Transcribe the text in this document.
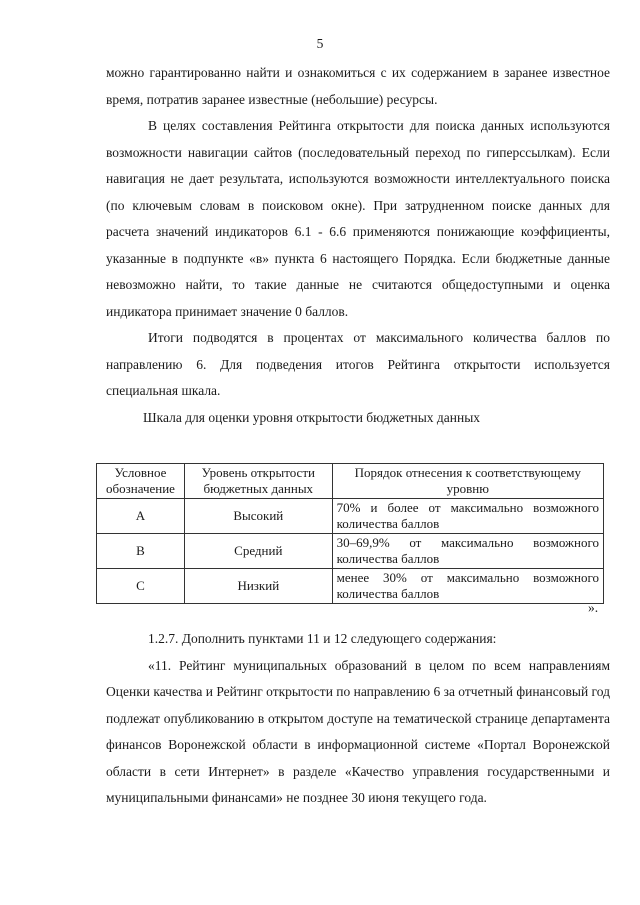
5

можно гарантированно найти и ознакомиться с их содержанием в заранее известное время, потратив заранее известные (небольшие) ресурсы.

В целях составления Рейтинга открытости для поиска данных используются возможности навигации сайтов (последовательный переход по гиперссылкам). Если навигация не дает результата, используются возможности интеллектуального поиска (по ключевым словам в поисковом окне). При затрудненном поиске данных для расчета значений индикаторов 6.1 - 6.6 применяются понижающие коэффициенты, указанные в подпункте «в» пункта 6 настоящего Порядка. Если бюджетные данные невозможно найти, то такие данные не считаются общедоступными и оценка индикатора принимает значение 0 баллов.

Итоги подводятся в процентах от максимального количества баллов по направлению 6. Для подведения итогов Рейтинга открытости используется специальная шкала.

Шкала для оценки уровня открытости бюджетных данных

Условное обозначение	Уровень открытости бюджетных данных	Порядок отнесения к соответствующему уровню
А	Высокий	70% и более от максимально возможного количества баллов
В	Средний	30–69,9% от максимально возможного количества баллов
С	Низкий	менее 30% от максимально возможного количества баллов
».

1.2.7. Дополнить пунктами 11 и 12 следующего содержания:

«11. Рейтинг муниципальных образований в целом по всем направлениям Оценки качества и Рейтинг открытости по направлению 6 за отчетный финансовый год подлежат опубликованию в открытом доступе на тематической странице департамента финансов Воронежской области в информационной системе «Портал Воронежской области в сети Интернет» в разделе «Качество управления государственными и муниципальными финансами» не позднее 30 июня текущего года.
